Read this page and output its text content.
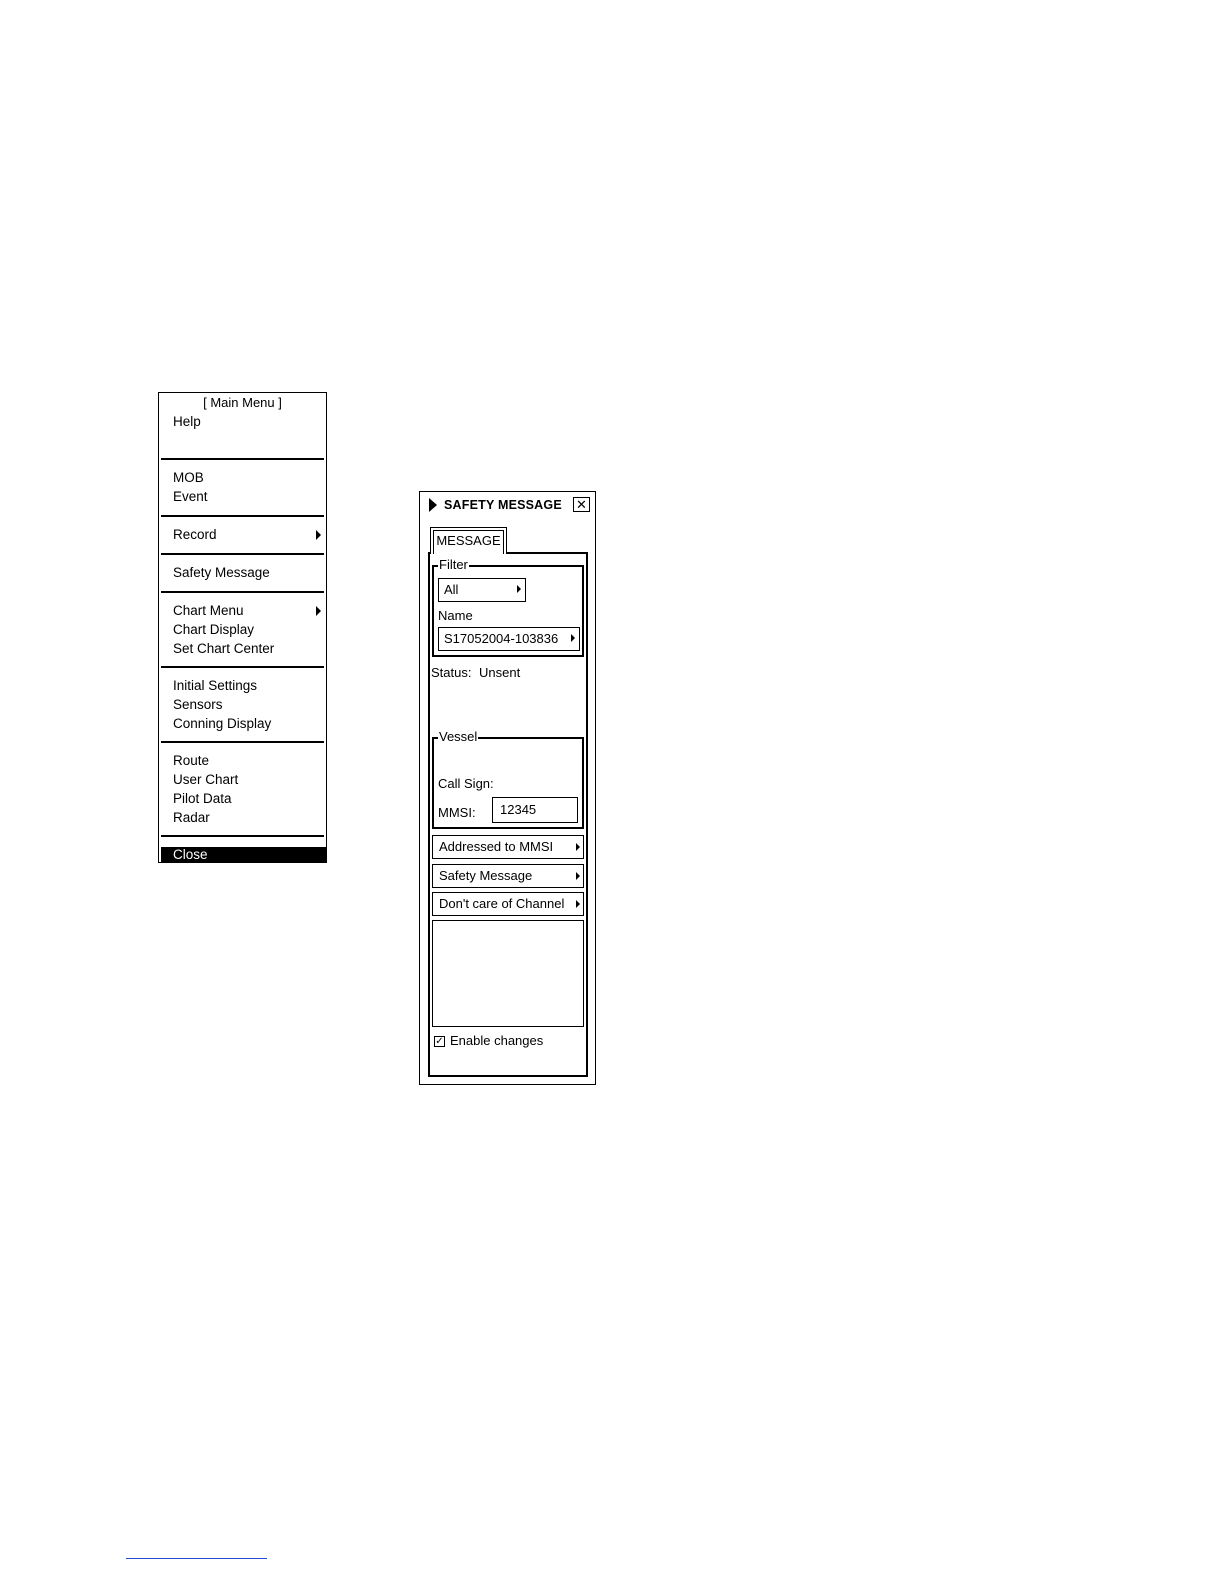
[ Main Menu ]
Help
MOB
Event
Record
Safety Message
Chart Menu
Chart Display
Set Chart Center
Initial Settings
Sensors
Conning Display
Route
User Chart
Pilot Data
Radar
Close
SAFETY MESSAGE ✕
MESSAGE
Filter
All
Name
S17052004-103836
Status: Unsent
Vessel
Call Sign:
MMSI:	12345
Addressed to MMSI
Safety Message
Don't care of Channel
✓ Enable changes
